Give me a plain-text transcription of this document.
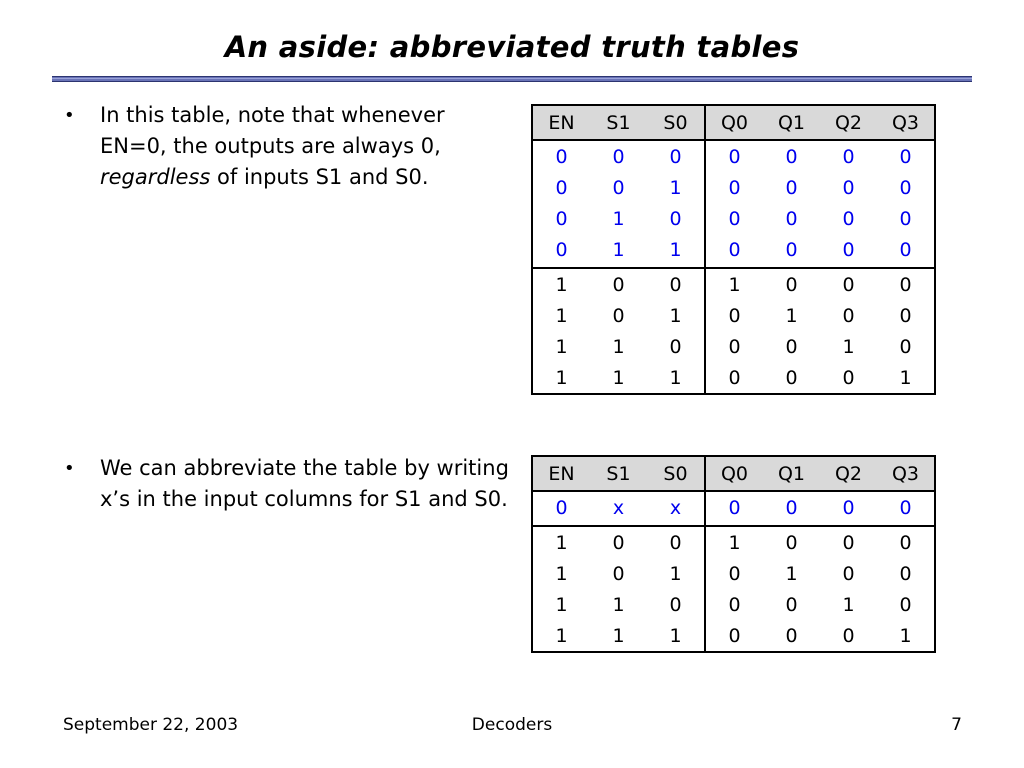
An aside: abbreviated truth tables
• In this table, note that whenever EN=0, the outputs are always 0, regardless of inputs S1 and S0.
• We can abbreviate the table by writing x’s in the input columns for S1 and S0.
EN	S1	S0	Q0	Q1	Q2	Q3
0	0	0	0	0	0	0
0	0	1	0	0	0	0
0	1	0	0	0	0	0
0	1	1	0	0	0	0
1	0	0	1	0	0	0
1	0	1	0	1	0	0
1	1	0	0	0	1	0
1	1	1	0	0	0	1
EN	S1	S0	Q0	Q1	Q2	Q3
0	x	x	0	0	0	0
1	0	0	1	0	0	0
1	0	1	0	1	0	0
1	1	0	0	0	1	0
1	1	1	0	0	0	1
September 22, 2003	Decoders	7
